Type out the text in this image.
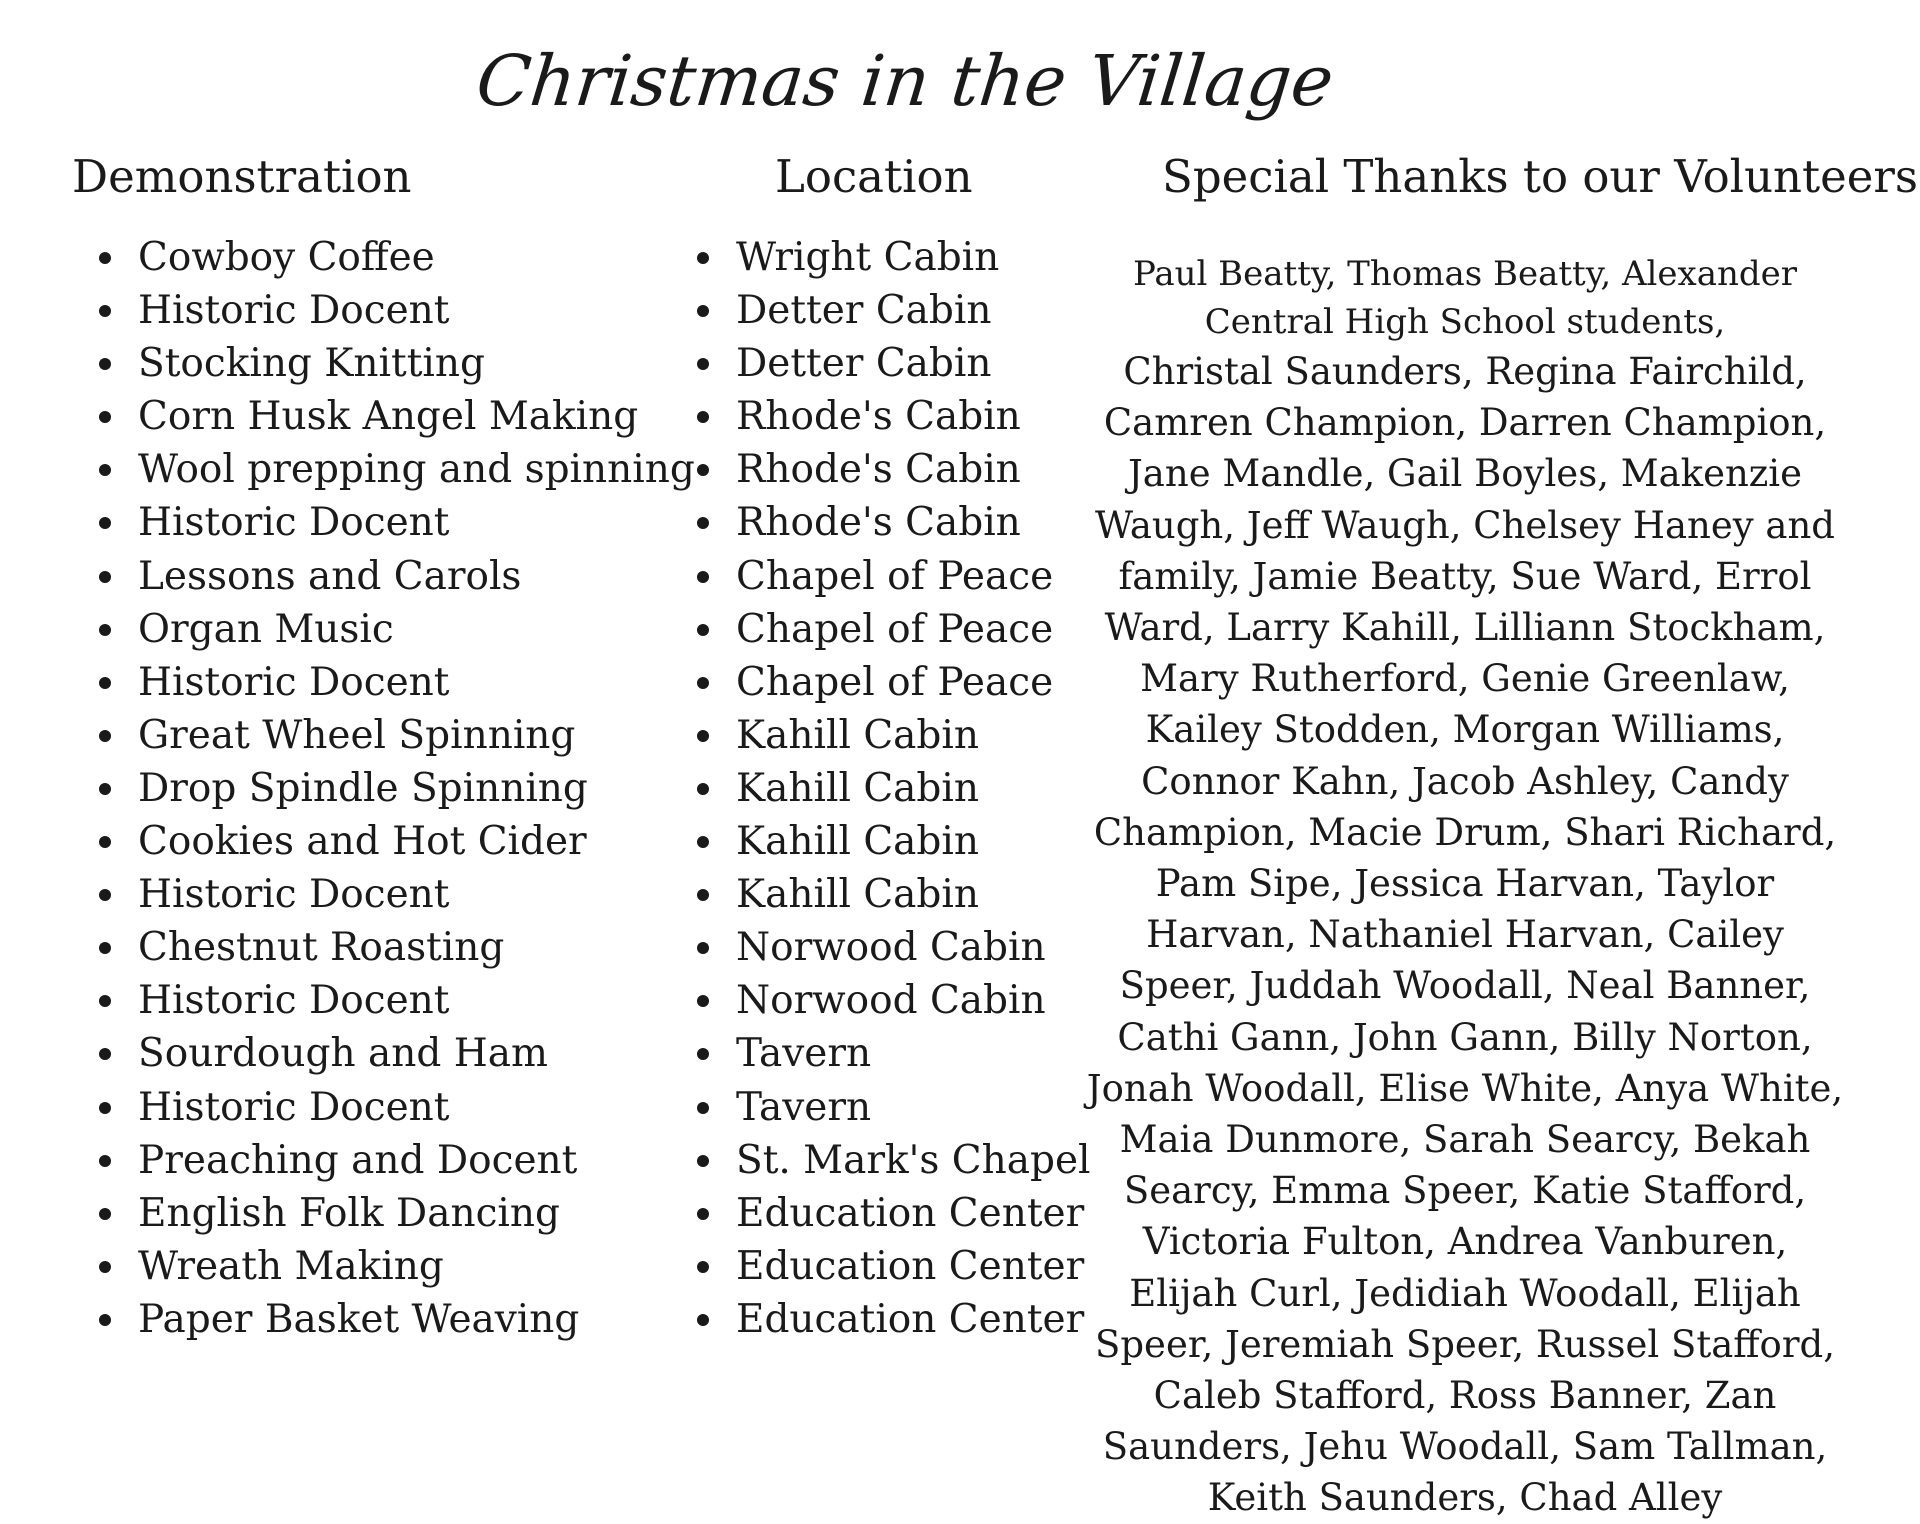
Christmas in the Village
Demonstration	Location	Special Thanks to our Volunteers
Cowboy Coffee
Historic Docent
Stocking Knitting
Corn Husk Angel Making
Wool prepping and spinning
Historic Docent
Lessons and Carols
Organ Music
Historic Docent
Great Wheel Spinning
Drop Spindle Spinning
Cookies and Hot Cider
Historic Docent
Chestnut Roasting
Historic Docent
Sourdough and Ham
Historic Docent
Preaching and Docent
English Folk Dancing
Wreath Making
Paper Basket Weaving
Wright Cabin
Detter Cabin
Detter Cabin
Rhode's Cabin
Rhode's Cabin
Rhode's Cabin
Chapel of Peace
Chapel of Peace
Chapel of Peace
Kahill Cabin
Kahill Cabin
Kahill Cabin
Kahill Cabin
Norwood Cabin
Norwood Cabin
Tavern
Tavern
St. Mark's Chapel
Education Center
Education Center
Education Center

Paul Beatty, Thomas Beatty, Alexander Central High School students,

Christal Saunders, Regina Fairchild, Camren Champion, Darren Champion, Jane Mandle, Gail Boyles, Makenzie Waugh, Jeff Waugh, Chelsey Haney and family, Jamie Beatty, Sue Ward, Errol Ward, Larry Kahill, Lilliann Stockham, Mary Rutherford, Genie Greenlaw, Kailey Stodden, Morgan Williams, Connor Kahn, Jacob Ashley, Candy Champion, Macie Drum, Shari Richard, Pam Sipe, Jessica Harvan, Taylor Harvan, Nathaniel Harvan, Cailey Speer, Juddah Woodall, Neal Banner, Cathi Gann, John Gann, Billy Norton, Jonah Woodall, Elise White, Anya White, Maia Dunmore, Sarah Searcy, Bekah Searcy, Emma Speer, Katie Stafford, Victoria Fulton, Andrea Vanburen, Elijah Curl, Jedidiah Woodall, Elijah Speer, Jeremiah Speer, Russel Stafford, Caleb Stafford, Ross Banner, Zan Saunders, Jehu Woodall, Sam Tallman, Keith Saunders, Chad Alley
